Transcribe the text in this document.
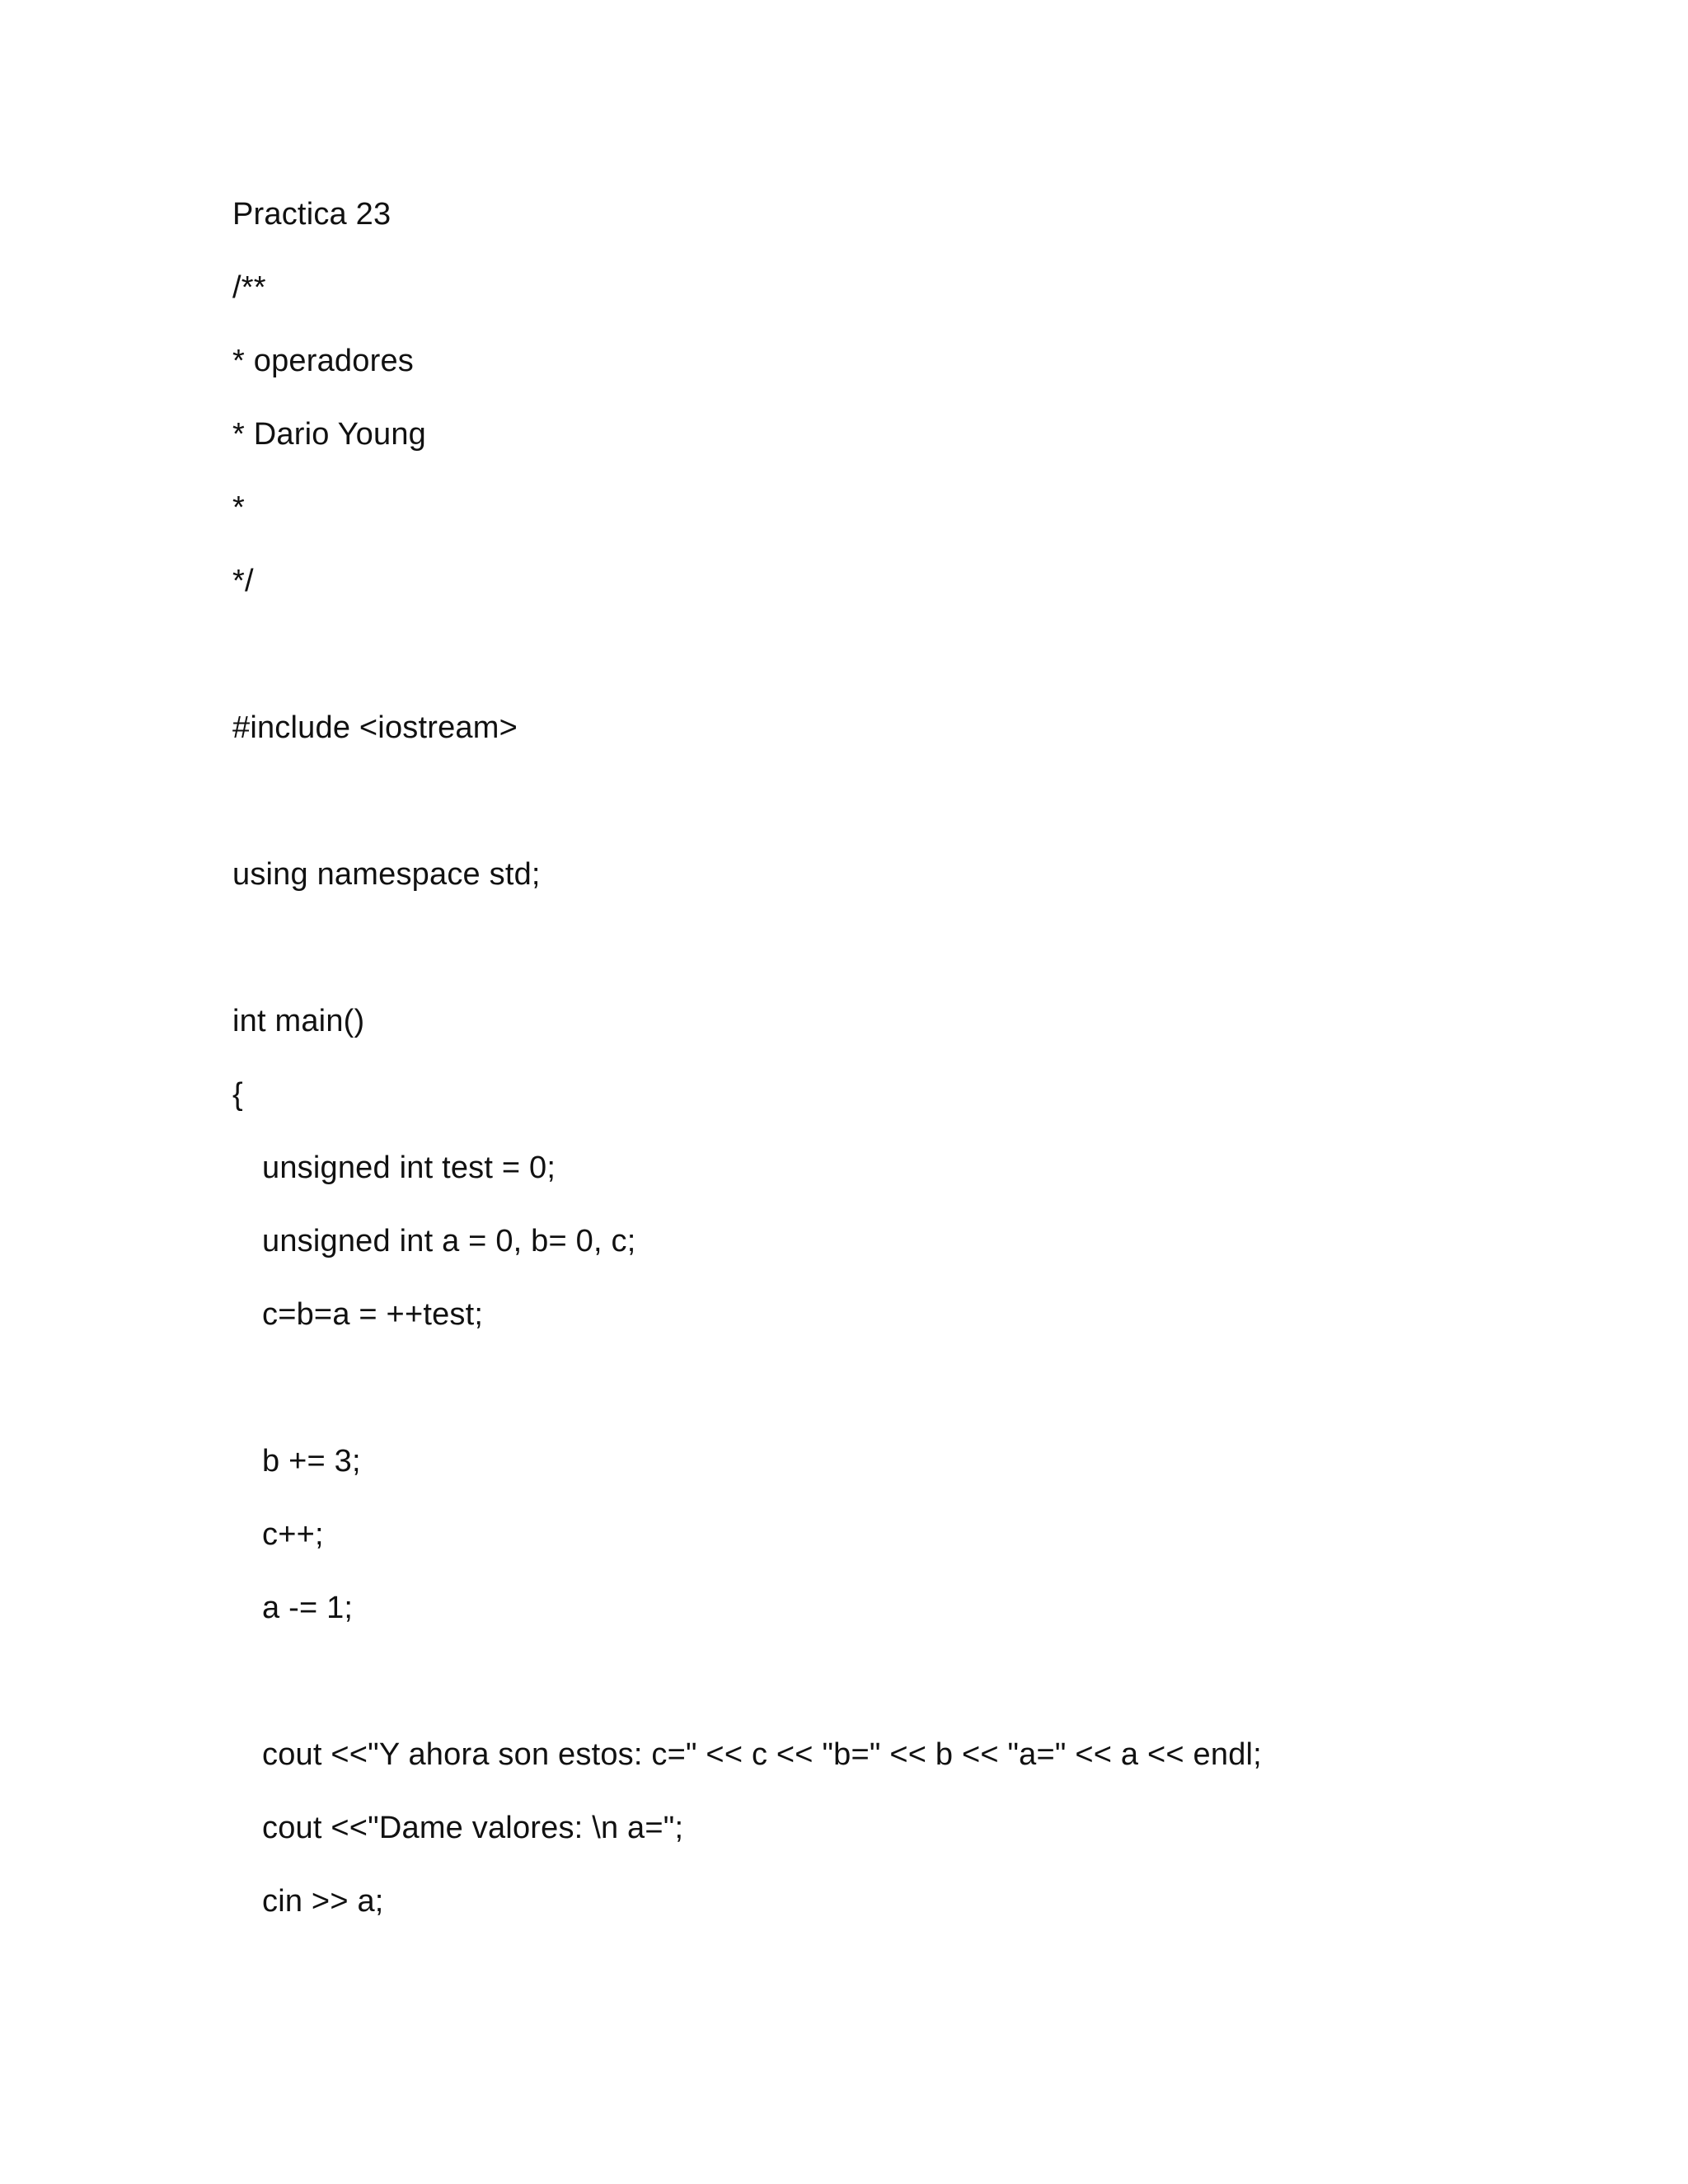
Practica 23
/**
* operadores
* Dario Young
*
*/
#include <iostream>
using namespace std;
int main()
{
unsigned int test = 0;
unsigned int a = 0, b= 0, c;
c=b=a = ++test;
b += 3;
c++;
a -= 1;
cout <<"Y ahora son estos: c=" << c << "b=" << b << "a=" << a << endl;
cout <<"Dame valores: \n a=";
cin >> a;
